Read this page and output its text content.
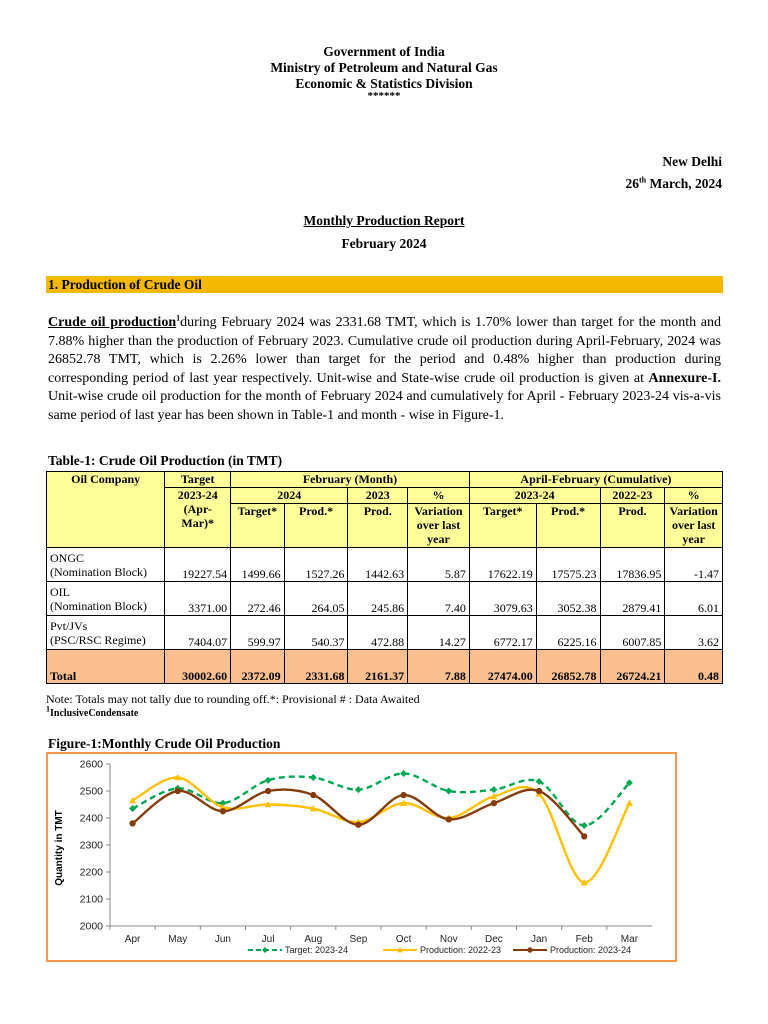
Government of India
Ministry of Petroleum and Natural Gas
Economic & Statistics Division
******
New Delhi
26th March, 2024
Monthly Production Report
February 2024
1. Production of Crude Oil
Crude oil production$^1$during February 2024 was 2331.68 TMT, which is 1.70% lower than target for the month and 7.88% higher than the production of February 2023. Cumulative crude oil production during April-February, 2024 was 26852.78 TMT, which is 2.26% lower than target for the period and 0.48% higher than production during corresponding period of last year respectively. Unit-wise and State-wise crude oil production is given at Annexure-I. Unit-wise crude oil production for the month of February 2024 and cumulatively for April - February 2023-24 vis-a-vis same period of last year has been shown in Table-1 and month - wise in Figure-1.
Table-1: Crude Oil Production (in TMT)
Oil Company	Target	February (Month)				April-February (Cumulative)			

	2023-24
(Apr-Mar)*	2024		2023	%	2023-24		2022-23	%
		Target*	Prod.*	Prod.	Variation over last year	Target*	Prod.*	Prod.	Variation over last year

ONGC
(Nomination Block)	19227.54	1499.66	1527.26	1442.63	5.87	17622.19	17575.23	17836.95	-1.47

OIL
(Nomination Block)	3371.00	272.46	264.05	245.86	7.40	3079.63	3052.38	2879.41	6.01

Pvt/JVs
(PSC/RSC Regime)	7404.07	599.97	540.37	472.88	14.27	6772.17	6225.16	6007.85	3.62
Total	30002.60	2372.09	2331.68	2161.37	7.88	27474.00	26852.78	26724.21	0.48
Note: Totals may not tally due to rounding off.*: Provisional # : Data Awaited
$^1$InclusiveCondensate
Figure-1:Monthly Crude Oil Production
2600
2500
2400
2300
2200
2100
2000
Apr	May	Jun	Jul	Aug	Sep	Oct	Nov	Dec	Jan	Feb	Mar
Target: 2023-24	Production: 2022-23	Production: 2023-24
Quantity in TMT
